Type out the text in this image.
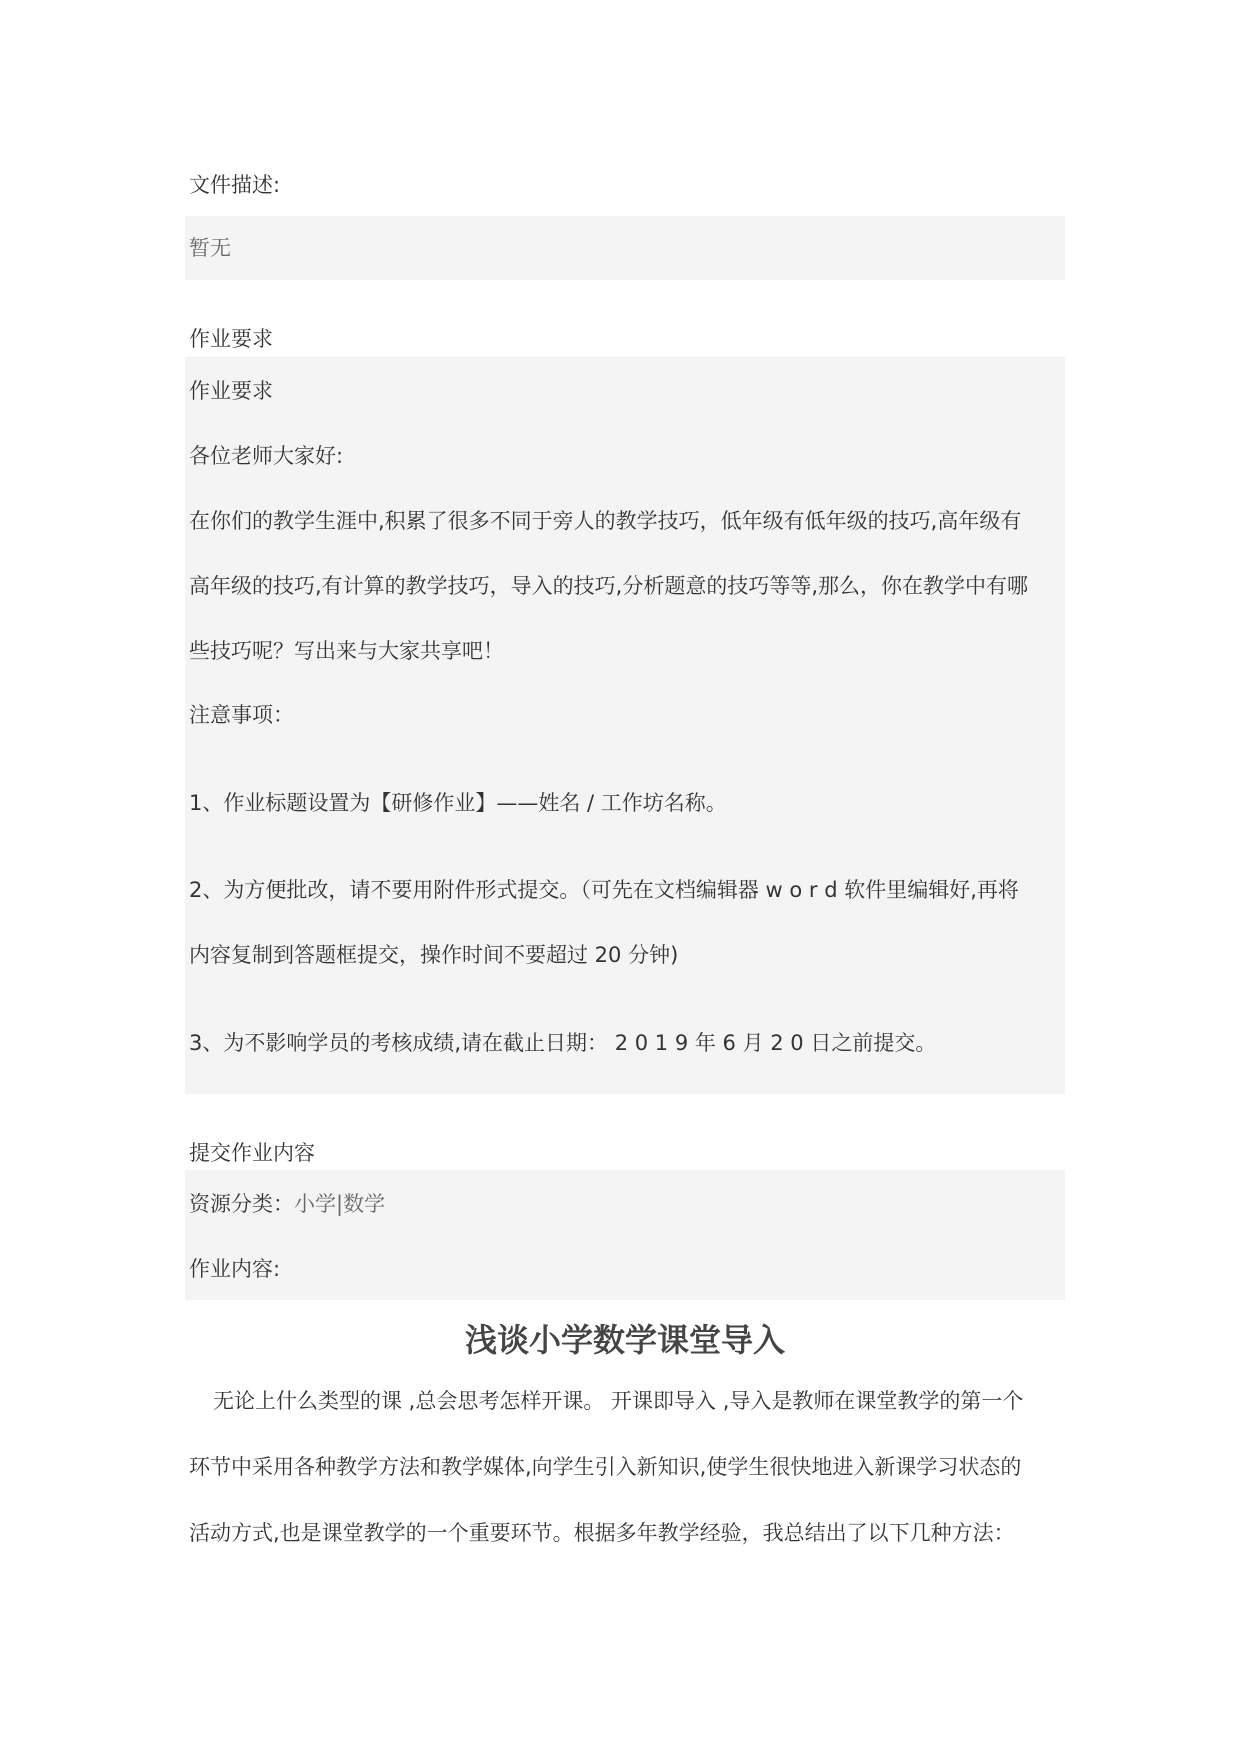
文件描述:
暂无
作业要求
作业要求
各位老师大家好:
在你们的教学生涯中,积累了很多不同于旁人的教学技巧，低年级有低年级的技巧,高年级有
高年级的技巧,有计算的教学技巧，导入的技巧,分析题意的技巧等等,那么，你在教学中有哪
些技巧呢？写出来与大家共享吧！
注意事项：
1、作业标题设置为【研修作业】——姓名 / 工作坊名称。
2、为方便批改，请不要用附件形式提交。（可先在文档编辑器 w o r d 软件里编辑好,再将
内容复制到答题框提交，操作时间不要超过 20 分钟)
3、为不影响学员的考核成绩,请在截止日期： 2 0 1 9 年 6 月 2 0 日之前提交。
提交作业内容
资源分类：小学|数学
作业内容:
浅谈小学数学课堂导入
无论上什么类型的课 ,总会思考怎样开课。 开课即导入 ,导入是教师在课堂教学的第一个
环节中采用各种教学方法和教学媒体,向学生引入新知识,使学生很快地进入新课学习状态的
活动方式,也是课堂教学的一个重要环节。根据多年教学经验，我总结出了以下几种方法：
